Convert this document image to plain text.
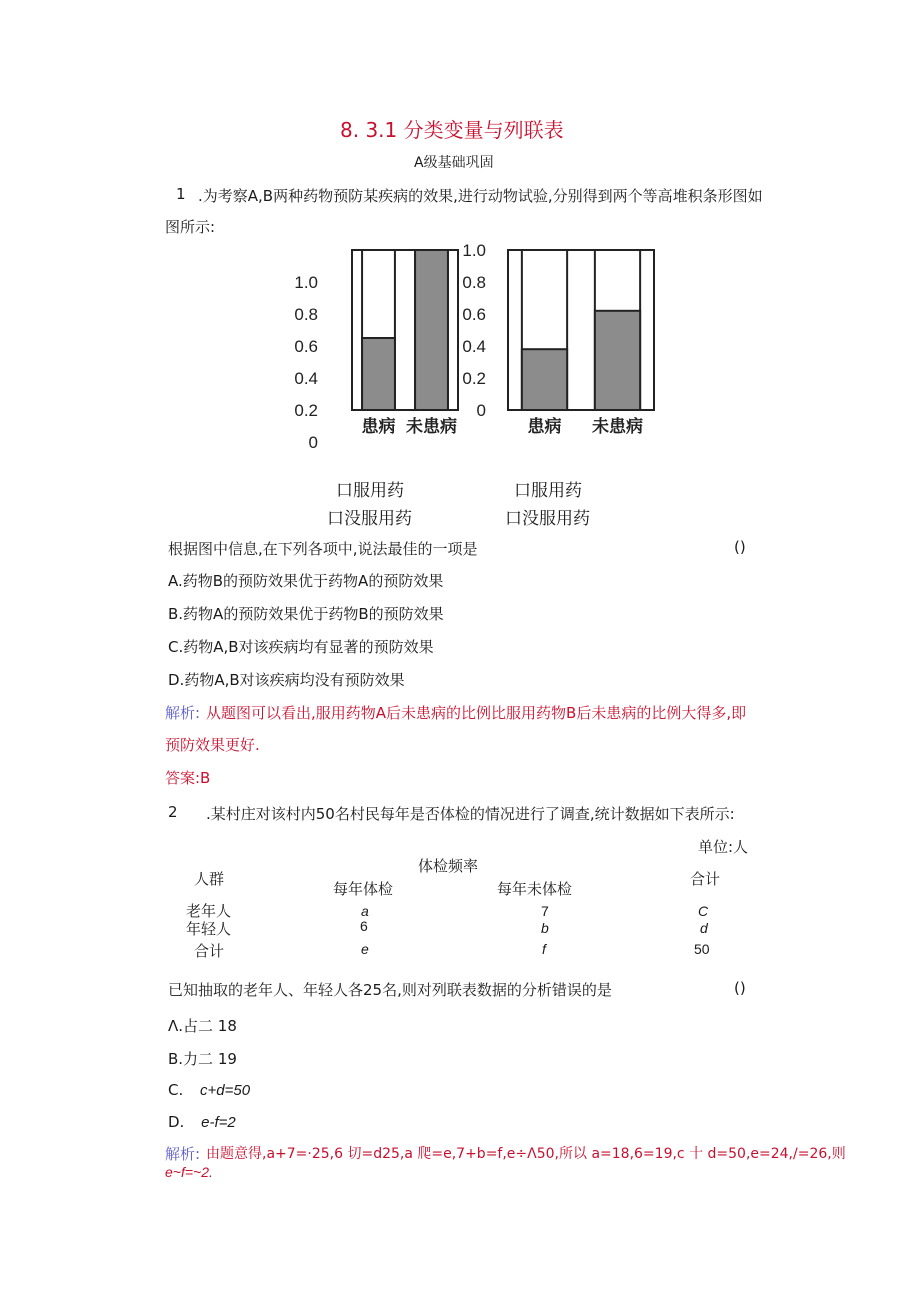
8. 3.1 分类变量与列联表
A级基础巩固
1 .为考察A,B两种药物预防某疾病的效果,进行动物试验,分别得到两个等高堆积条形图如
图所示:
1.0
0.8
0.6
0.4
0.2
0
患病 未患病
1.0
0.8
0.6
0.4
0.2
0
患病 未患病
口服用药
口没服用药
口服用药
口没服用药
根据图中信息,在下列各项中,说法最佳的一项是	()
A.药物B的预防效果优于药物A的预防效果
B.药物A的预防效果优于药物B的预防效果
C.药物A,B对该疾病均有显著的预防效果
D.药物A,B对该疾病均没有预防效果
解析: 从题图可以看出,服用药物A后未患病的比例比服用药物B后未患病的比例大得多,即
预防效果更好.
答案:B
2 .某村庄对该村内50名村民每年是否体检的情况进行了调查,统计数据如下表所示:
单位:人
体检频率
人群	合计
每年体检	每年未体检
老年人	a	7	C
年轻人	6	b	d
合计	e	f	50
已知抽取的老年人、年轻人各25名,则对列联表数据的分析错误的是	()
Λ.占二 18
B.力二 19
C. c+d=50
D. e-f=2
解析: 由题意得,a+7=·25,6 切=d25,a 爬=e,7+b=f,e÷Λ50,所以 a=18,6=19,c 十 d=50,e=24,/=26,则
e~f=~2.
